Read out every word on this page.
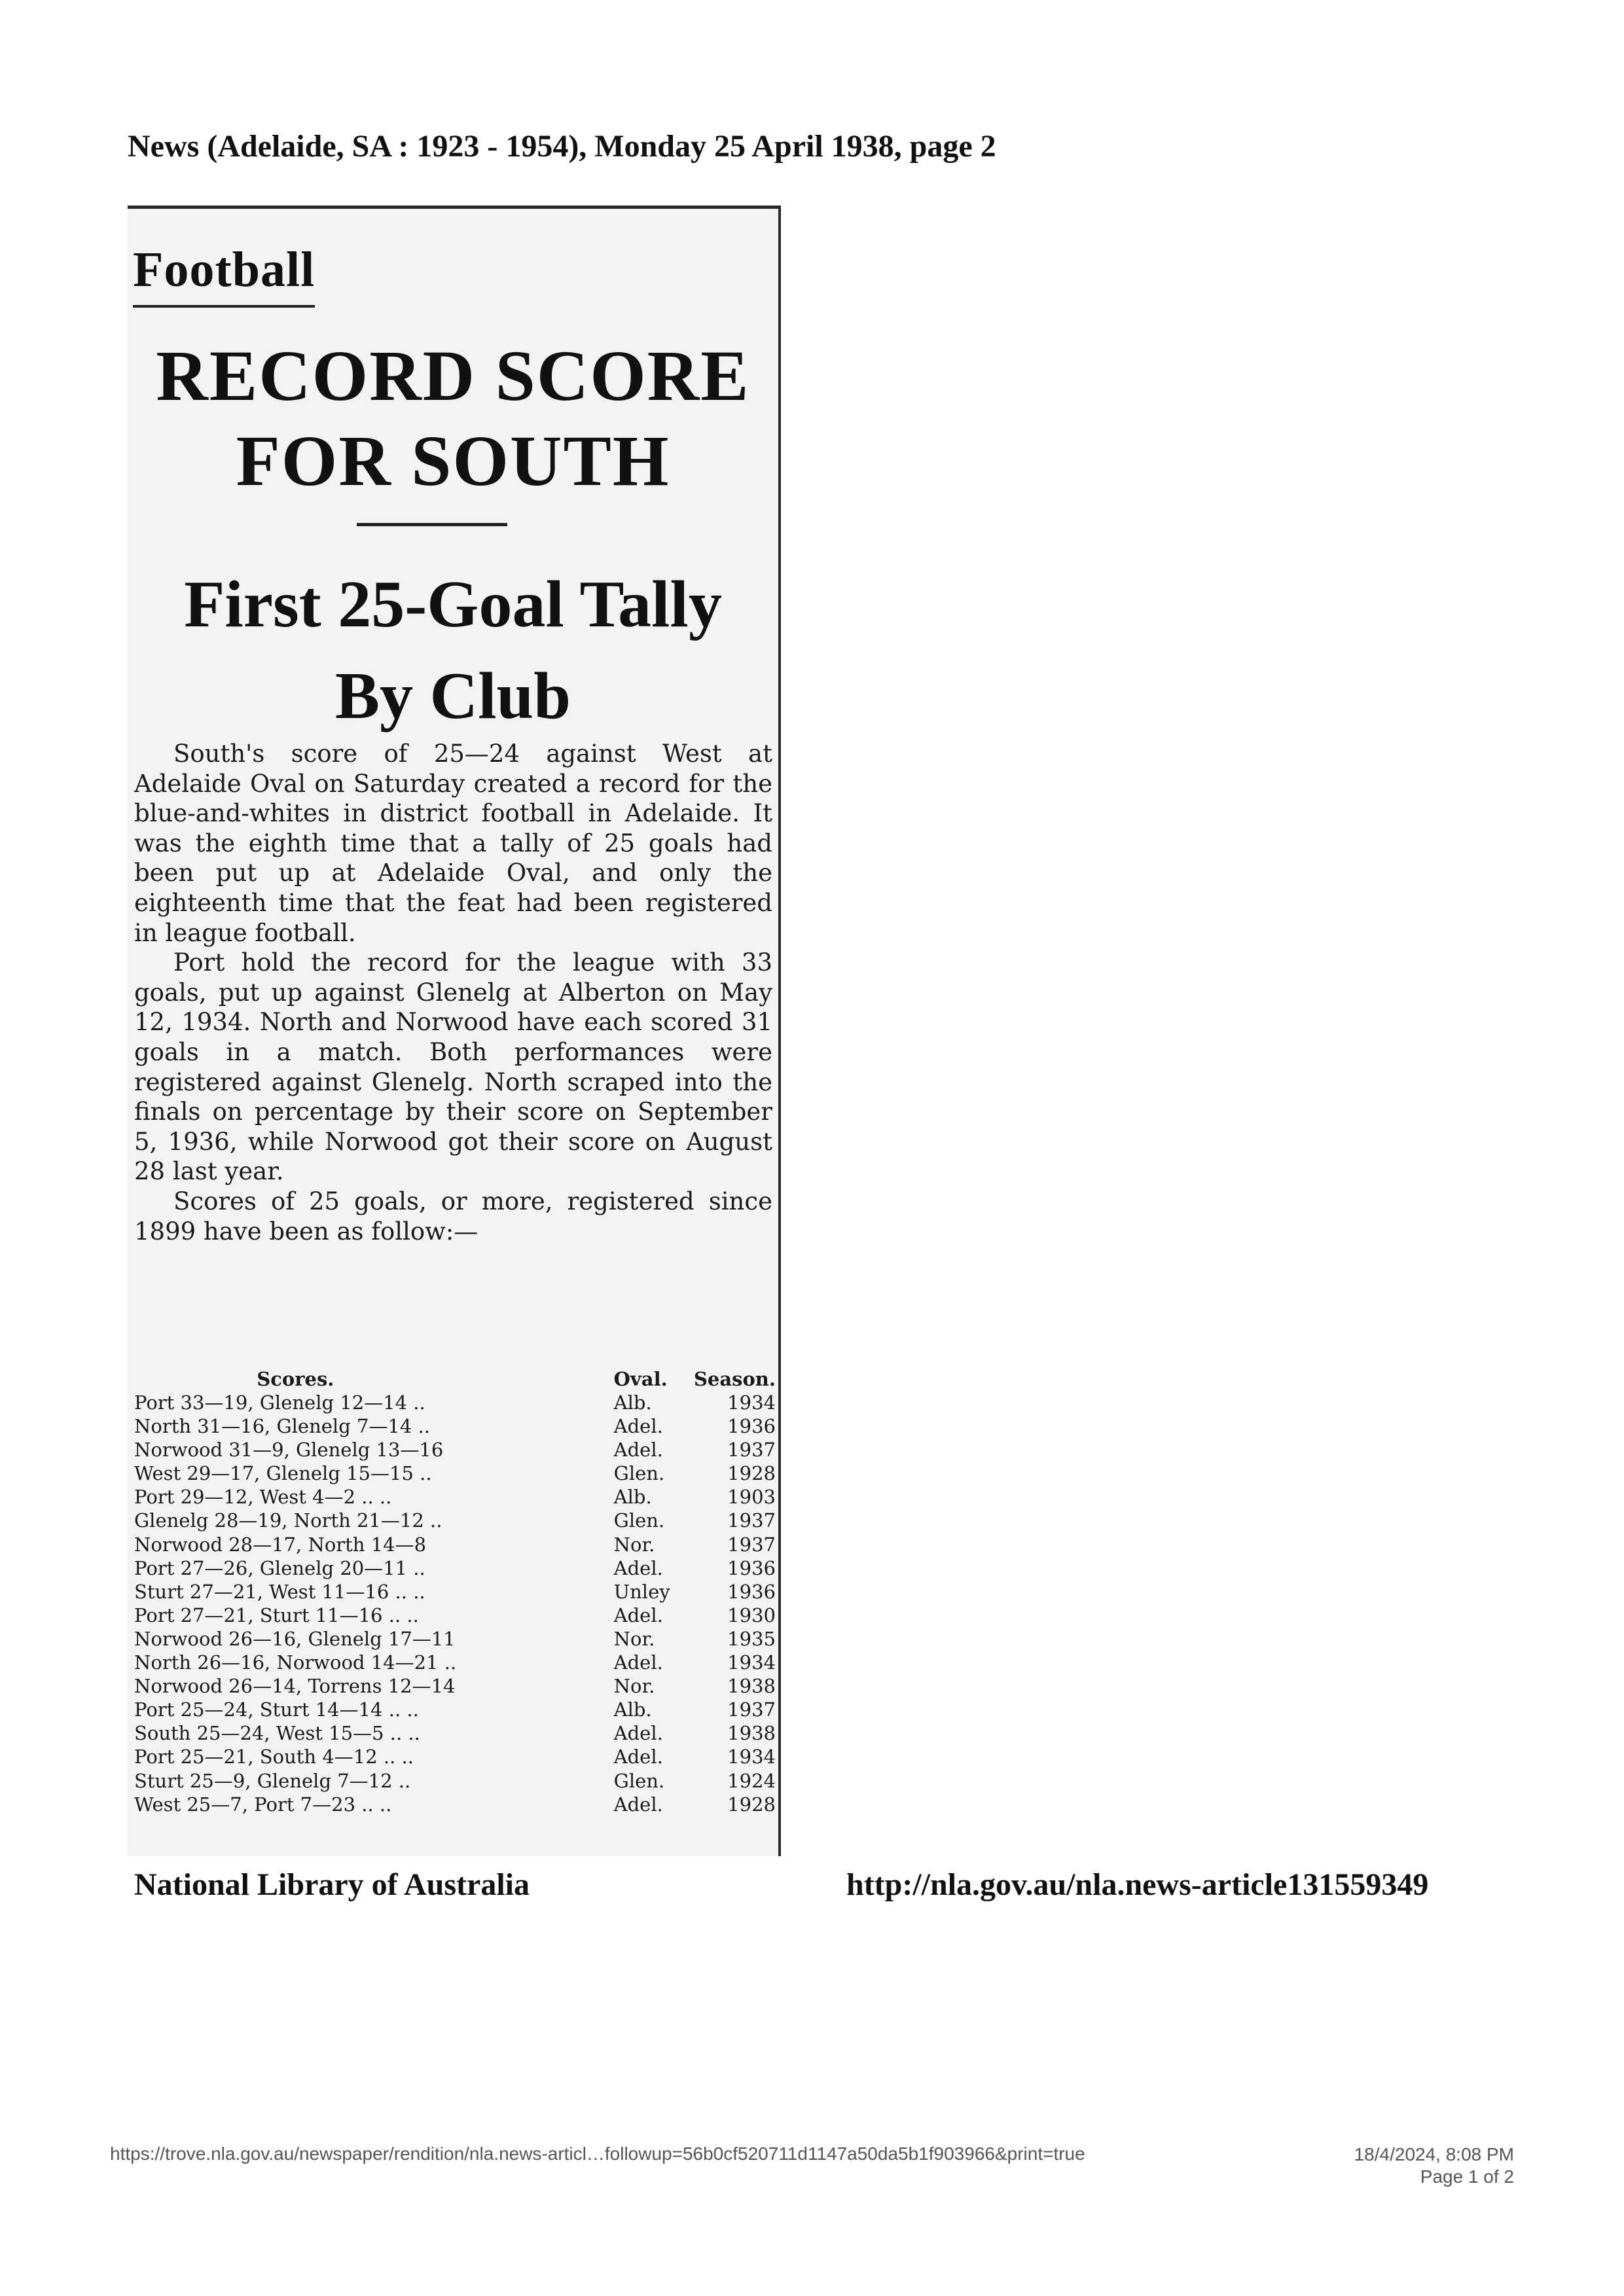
News (Adelaide, SA : 1923 - 1954), Monday 25 April 1938, page 2
Football
RECORD SCORE
FOR SOUTH
First 25-Goal Tally
By Club

South's score of 25—24 against West at Adelaide Oval on Saturday created a record for the blue-and-whites in district football in Adelaide. It was the eighth time that a tally of 25 goals had been put up at Adelaide Oval, and only the eighteenth time that the feat had been registered in league football.

Port hold the record for the league with 33 goals, put up against Glenelg at Alberton on May 12, 1934. North and Norwood have each scored 31 goals in a match. Both performances were registered against Glenelg. North scraped into the finals on percentage by their score on September 5, 1936, while Norwood got their score on August 28 last year.

Scores of 25 goals, or more, registered since 1899 have been as follow:—

Scores.	Oval.	Season.
Port 33—19, Glenelg 12—14 ..	Alb.	1934
North 31—16, Glenelg 7—14 ..	Adel.	1936
Norwood 31—9, Glenelg 13—16	Adel.	1937
West 29—17, Glenelg 15—15 ..	Glen.	1928
Port 29—12, West 4—2 .. ..	Alb.	1903
Glenelg 28—19, North 21—12 ..	Glen.	1937
Norwood 28—17, North 14—8	Nor.	1937
Port 27—26, Glenelg 20—11 ..	Adel.	1936
Sturt 27—21, West 11—16 .. ..	Unley	1936
Port 27—21, Sturt 11—16 .. ..	Adel.	1930
Norwood 26—16, Glenelg 17—11	Nor.	1935
North 26—16, Norwood 14—21 ..	Adel.	1934
Norwood 26—14, Torrens 12—14	Nor.	1938
Port 25—24, Sturt 14—14 .. ..	Alb.	1937
South 25—24, West 15—5 .. ..	Adel.	1938
Port 25—21, South 4—12 .. ..	Adel.	1934
Sturt 25—9, Glenelg 7—12 ..	Glen.	1924
West 25—7, Port 7—23 .. ..	Adel.	1928
National Library of Australia	http://nla.gov.au/nla.news-article131559349
https://trove.nla.gov.au/newspaper/rendition/nla.news-articl…followup=56b0cf520711d1147a50da5b1f903966&print=true	18/4/2024, 8:08 PM
Page 1 of 2
